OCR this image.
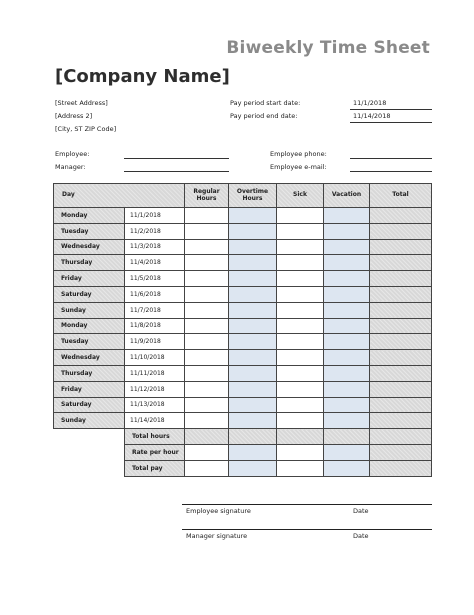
Biweekly Time Sheet
[Company Name]
[Street Address]
[Address 2]
[City, ST ZIP Code]
Pay period start date:	11/1/2018
Pay period end date:	11/14/2018
Employee:
Manager:
Employee phone:
Employee e-mail:
Day		Regular Hours	Overtime Hours	Sick	Vacation	Total
Monday	11/1/2018					
Tuesday	11/2/2018					
Wednesday	11/3/2018					
Thursday	11/4/2018					
Friday	11/5/2018					
Saturday	11/6/2018					
Sunday	11/7/2018					
Monday	11/8/2018					
Tuesday	11/9/2018					
Wednesday	11/10/2018					
Thursday	11/11/2018					
Friday	11/12/2018					
Saturday	11/13/2018					
Sunday	11/14/2018					
	Total hours					
	Rate per hour					
	Total pay					
Employee signature	Date
Manager signature	Date
